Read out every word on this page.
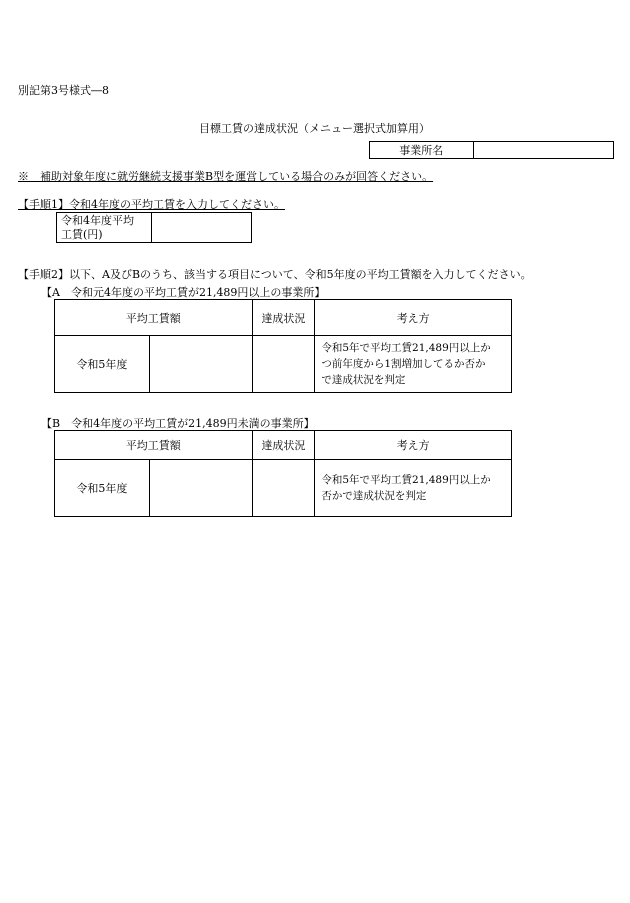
別記第3号様式―8
目標工賃の達成状況（メニュー選択式加算用）
事業所名	
※　補助対象年度に就労継続支援事業B型を運営している場合のみが回答ください。
【手順1】令和4年度の平均工賃を入力してください。
令和4年度平均
工賃(円)

【手順2】以下、A及びBのうち、該当する項目について、令和5年度の平均工賃額を入力してください。
【A　令和元4年度の平均工賃が21,489円以上の事業所】
平均工賃額		達成状況	考え方
令和5年度			令和5年で平均工賃21,489円以上か
つ前年度から1割増加してるか否か
で達成状況を判定
【B　令和4年度の平均工賃が21,489円未満の事業所】
平均工賃額		達成状況	考え方
令和5年度			令和5年で平均工賃21,489円以上か
否かで達成状況を判定
